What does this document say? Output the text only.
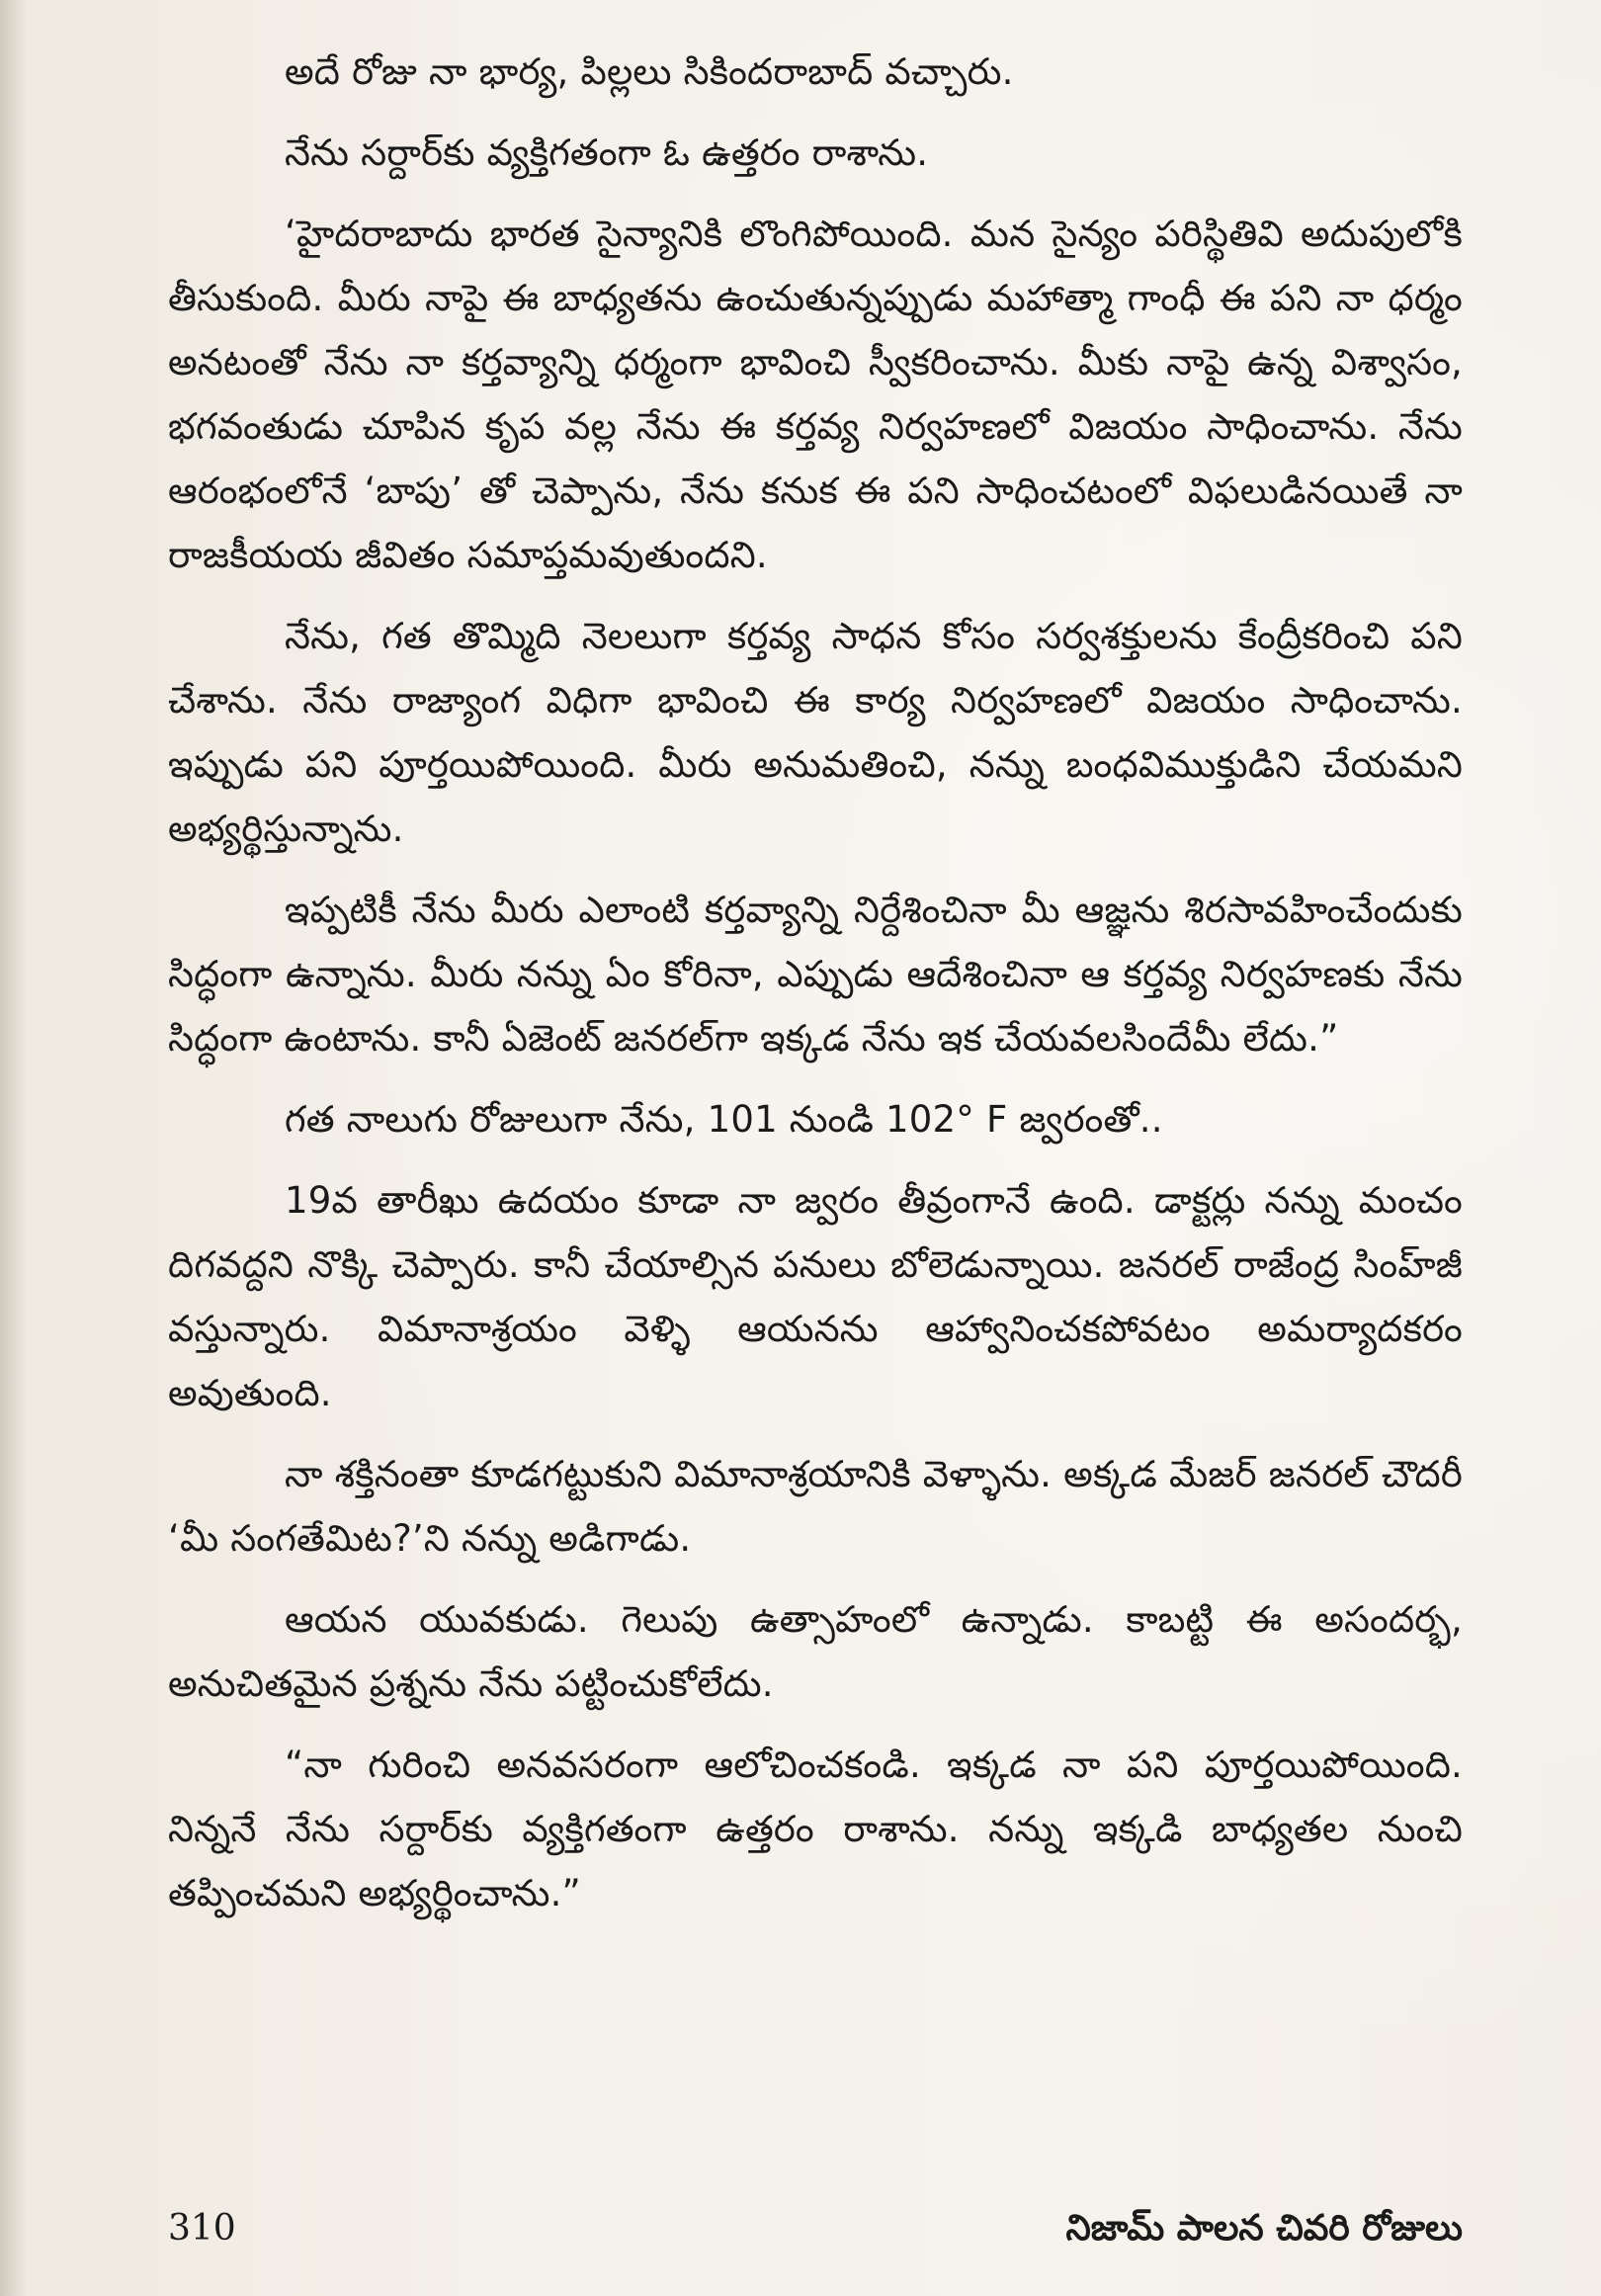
అదే రోజు నా భార్య, పిల్లలు సికిందరాబాద్ వచ్చారు.

నేను సర్దార్‌కు వ్యక్తిగతంగా ఓ ఉత్తరం రాశాను.

‘హైదరాబాదు భారత సైన్యానికి లొంగిపోయింది. మన సైన్యం పరిస్థితివి అదుపులోకి తీసుకుంది. మీరు నాపై ఈ బాధ్యతను ఉంచుతున్నప్పుడు మహాత్మా గాంధీ ఈ పని నా ధర్మం అనటంతో నేను నా కర్తవ్యాన్ని ధర్మంగా భావించి స్వీకరించాను. మీకు నాపై ఉన్న విశ్వాసం, భగవంతుడు చూపిన కృప వల్ల నేను ఈ కర్తవ్య నిర్వహణలో విజయం సాధించాను. నేను ఆరంభంలోనే ‘బాపు’ తో చెప్పాను, నేను కనుక ఈ పని సాధించటంలో విఫలుడినయితే నా రాజకీయయ జీవితం సమాప్తమవుతుందని.

నేను, గత తొమ్మిది నెలలుగా కర్తవ్య సాధన కోసం సర్వశక్తులను కేంద్రీకరించి పని చేశాను. నేను రాజ్యాంగ విధిగా భావించి ఈ కార్య నిర్వహణలో విజయం సాధించాను. ఇప్పుడు పని పూర్తయిపోయింది. మీరు అనుమతించి, నన్ను బంధవిముక్తుడిని చేయమని అభ్యర్థిస్తున్నాను.

ఇప్పటికీ నేను మీరు ఎలాంటి కర్తవ్యాన్ని నిర్దేశించినా మీ ఆజ్ఞను శిరసావహించేందుకు సిద్ధంగా ఉన్నాను. మీరు నన్ను ఏం కోరినా, ఎప్పుడు ఆదేశించినా ఆ కర్తవ్య నిర్వహణకు నేను సిద్ధంగా ఉంటాను. కానీ ఏజెంట్ జనరల్‌గా ఇక్కడ నేను ఇక చేయవలసిందేమీ లేదు.”

గత నాలుగు రోజులుగా నేను, 101 నుండి 102° F జ్వరంతో..

19వ తారీఖు ఉదయం కూడా నా జ్వరం తీవ్రంగానే ఉంది. డాక్టర్లు నన్ను మంచం దిగవద్దని నొక్కి చెప్పారు. కానీ చేయాల్సిన పనులు బోలెడున్నాయి. జనరల్ రాజేంద్ర సింహ్‌జీ వస్తున్నారు. విమానాశ్రయం వెళ్ళి ఆయనను ఆహ్వానించకపోవటం అమర్యాదకరం అవుతుంది.

నా శక్తినంతా కూడగట్టుకుని విమానాశ్రయానికి వెళ్ళాను. అక్కడ మేజర్ జనరల్ చౌదరీ ‘మీ సంగతేమిట?’ని నన్ను అడిగాడు.

ఆయన యువకుడు. గెలుపు ఉత్సాహంలో ఉన్నాడు. కాబట్టి ఈ అసందర్భ, అనుచితమైన ప్రశ్నను నేను పట్టించుకోలేదు.

“నా గురించి అనవసరంగా ఆలోచించకండి. ఇక్కడ నా పని పూర్తయిపోయింది. నిన్ననే నేను సర్దార్‌కు వ్యక్తిగతంగా ఉత్తరం రాశాను. నన్ను ఇక్కడి బాధ్యతల నుంచి తప్పించమని అభ్యర్థించాను.”

310	నిజామ్ పాలన చివరి రోజులు
